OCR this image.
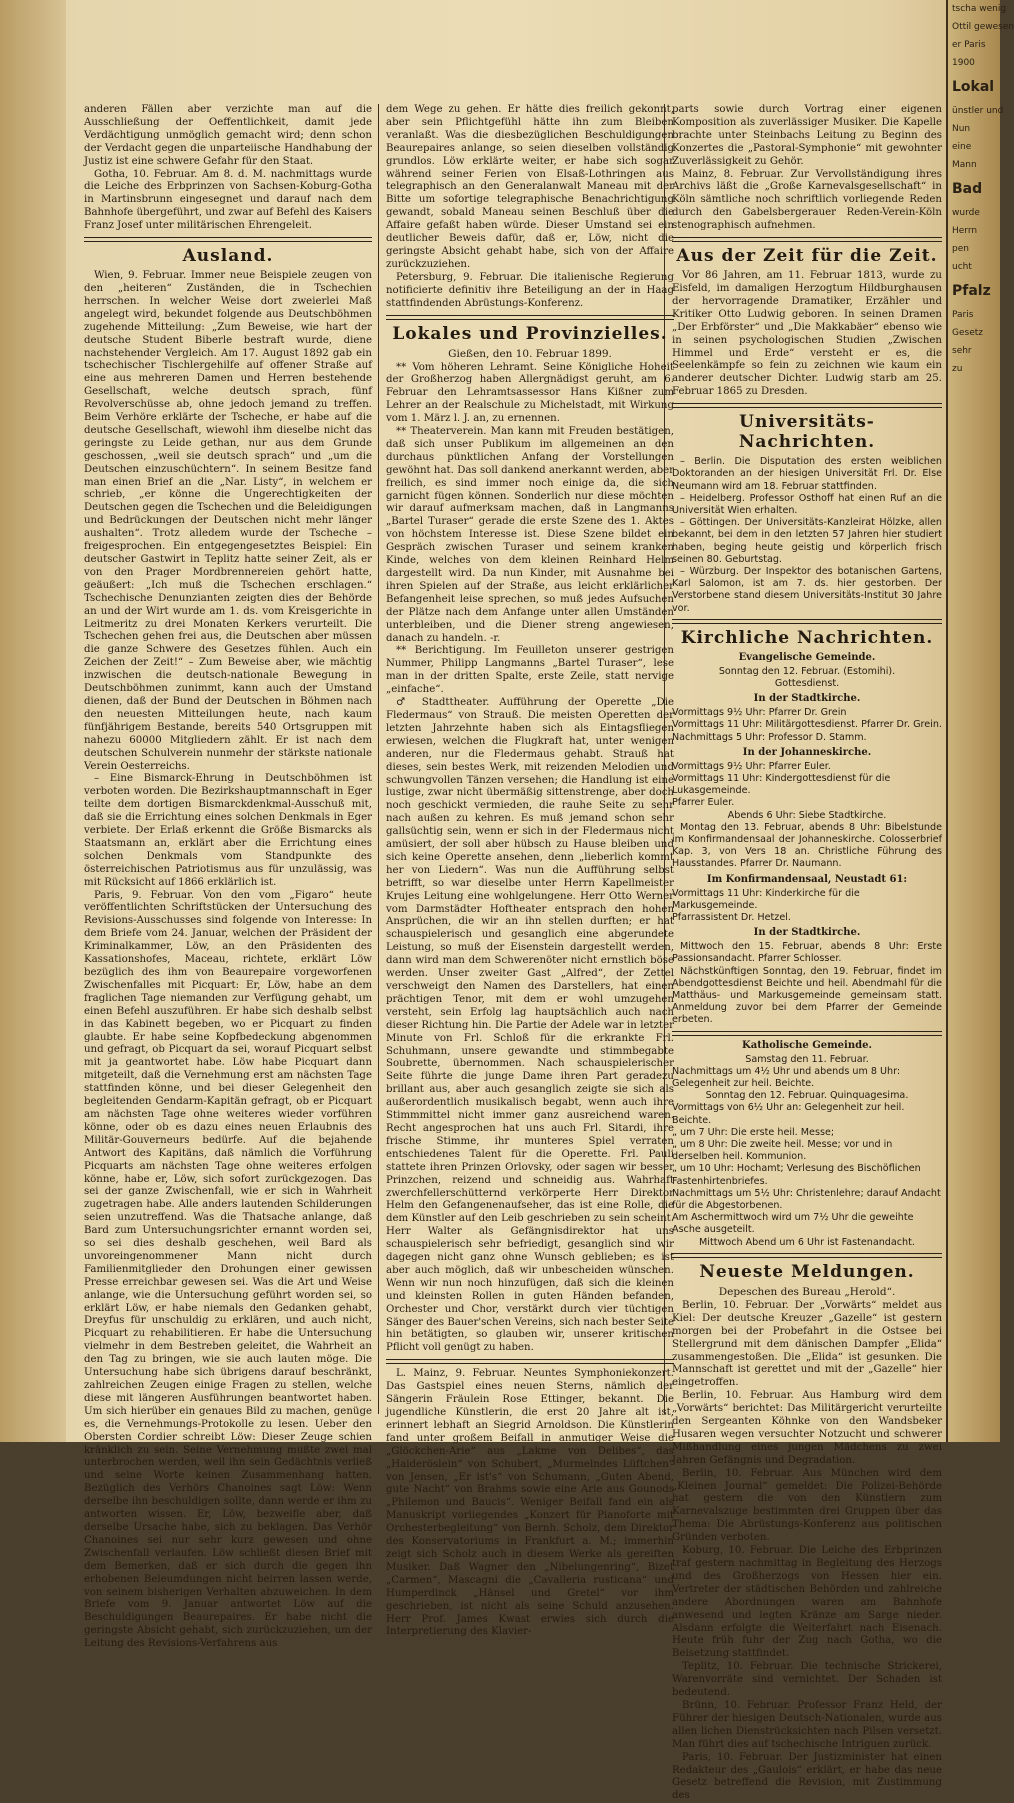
anderen Fällen aber verzichte man auf die Ausschließung der Oeffentlichkeit, damit jede Verdächtigung unmöglich gemacht wird; denn schon der Verdacht gegen die unparteiische Handhabung der Justiz ist eine schwere Gefahr für den Staat.

Gotha, 10. Februar. Am 8. d. M. nachmittags wurde die Leiche des Erbprinzen von Sachsen-Koburg-Gotha in Martinsbrunn eingesegnet und darauf nach dem Bahnhofe übergeführt, und zwar auf Befehl des Kaisers Franz Josef unter militärischen Ehrengeleit.

Ausland.

Wien, 9. Februar. Immer neue Beispiele zeugen von den „heiteren“ Zuständen, die in Tschechien herrschen. In welcher Weise dort zweierlei Maß angelegt wird, bekundet folgende aus Deutschböhmen zugehende Mitteilung: „Zum Beweise, wie hart der deutsche Student Biberle bestraft wurde, diene nachstehender Vergleich. Am 17. August 1892 gab ein tschechischer Tischlergehilfe auf offener Straße auf eine aus mehreren Damen und Herren bestehende Gesellschaft, welche deutsch sprach, fünf Revolverschüsse ab, ohne jedoch jemand zu treffen. Beim Verhöre erklärte der Tscheche, er habe auf die deutsche Gesellschaft, wiewohl ihm dieselbe nicht das geringste zu Leide gethan, nur aus dem Grunde geschossen, „weil sie deutsch sprach“ und „um die Deutschen einzuschüchtern“. In seinem Besitze fand man einen Brief an die „Nar. Listy“, in welchem er schrieb, „er könne die Ungerechtigkeiten der Deutschen gegen die Tschechen und die Beleidigungen und Bedrückungen der Deutschen nicht mehr länger aushalten“. Trotz alledem wurde der Tscheche – freigesprochen. Ein entgegengesetztes Beispiel: Ein deutscher Gastwirt in Teplitz hatte seiner Zeit, als er von den Prager Mordbrennereien gehört hatte, geäußert: „Ich muß die Tschechen erschlagen.“ Tschechische Denunzianten zeigten dies der Behörde an und der Wirt wurde am 1. ds. vom Kreisgerichte in Leitmeritz zu drei Monaten Kerkers verurteilt. Die Tschechen gehen frei aus, die Deutschen aber müssen die ganze Schwere des Gesetzes fühlen. Auch ein Zeichen der Zeit!“ – Zum Beweise aber, wie mächtig inzwischen die deutsch-nationale Bewegung in Deutschböhmen zunimmt, kann auch der Umstand dienen, daß der Bund der Deutschen in Böhmen nach den neuesten Mitteilungen heute, nach kaum fünfjährigem Bestande, bereits 540 Ortsgruppen mit nahezu 60000 Mitgliedern zählt. Er ist nach dem deutschen Schulverein nunmehr der stärkste nationale Verein Oesterreichs.

– Eine Bismarck-Ehrung in Deutschböhmen ist verboten worden. Die Bezirkshauptmannschaft in Eger teilte dem dortigen Bismarckdenkmal-Ausschuß mit, daß sie die Errichtung eines solchen Denkmals in Eger verbiete. Der Erlaß erkennt die Größe Bismarcks als Staatsmann an, erklärt aber die Errichtung eines solchen Denkmals vom Standpunkte des österreichischen Patriotismus aus für unzulässig, was mit Rücksicht auf 1866 erklärlich ist.

Paris, 9. Februar. Von den vom „Figaro“ heute veröffentlichten Schriftstücken der Untersuchung des Revisions-Ausschusses sind folgende von Interesse: In dem Briefe vom 24. Januar, welchen der Präsident der Kriminalkammer, Löw, an den Präsidenten des Kassationshofes, Maceau, richtete, erklärt Löw bezüglich des ihm von Beaurepaire vorgeworfenen Zwischenfalles mit Picquart: Er, Löw, habe an dem fraglichen Tage niemanden zur Verfügung gehabt, um einen Befehl auszuführen. Er habe sich deshalb selbst in das Kabinett begeben, wo er Picquart zu finden glaubte. Er habe seine Kopfbedeckung abgenommen und gefragt, ob Picquart da sei, worauf Picquart selbst mit ja geantwortet habe. Löw habe Picquart dann mitgeteilt, daß die Vernehmung erst am nächsten Tage stattfinden könne, und bei dieser Gelegenheit den begleitenden Gendarm-Kapitän gefragt, ob er Picquart am nächsten Tage ohne weiteres wieder vorführen könne, oder ob es dazu eines neuen Erlaubnis des Militär-Gouverneurs bedürfe. Auf die bejahende Antwort des Kapitäns, daß nämlich die Vorführung Picquarts am nächsten Tage ohne weiteres erfolgen könne, habe er, Löw, sich sofort zurückgezogen. Das sei der ganze Zwischenfall, wie er sich in Wahrheit zugetragen habe. Alle anders lautenden Schilderungen seien unzutreffend. Was die Thatsache anlange, daß Bard zum Untersuchungsrichter ernannt worden sei, so sei dies deshalb geschehen, weil Bard als unvoreingenommener Mann nicht durch Familienmitglieder den Drohungen einer gewissen Presse erreichbar gewesen sei. Was die Art und Weise anlange, wie die Untersuchung geführt worden sei, so erklärt Löw, er habe niemals den Gedanken gehabt, Dreyfus für unschuldig zu erklären, und auch nicht, Picquart zu rehabilitieren. Er habe die Untersuchung vielmehr in dem Bestreben geleitet, die Wahrheit an den Tag zu bringen, wie sie auch lauten möge. Die Untersuchung habe sich übrigens darauf beschränkt, zahlreichen Zeugen einige Fragen zu stellen, welche diese mit längeren Ausführungen beantwortet haben. Um sich hierüber ein genaues Bild zu machen, genüge es, die Vernehmungs-Protokolle zu lesen. Ueber den Obersten Cordier schreibt Löw: Dieser Zeuge schien kränklich zu sein. Seine Vernehmung mußte zwei mal unterbrochen werden, weil ihn sein Gedächtnis verließ und seine Worte keinen Zusammenhang hatten. Bezüglich des Verhörs Chanoines sagt Löw: Wenn derselbe ihn beschuldigen sollte, dann werde er ihm zu antworten wissen. Er, Löw, bezweifle aber, daß derselbe Ursache habe, sich zu beklagen. Das Verhör Chanoines sei nur sehr kurz gewesen und ohne Zwischenfall verlaufen. Löw schließt diesen Brief mit dem Bemerken, daß er sich durch die gegen ihn erhobenen Beleumdungen nicht beirren lassen werde, von seinem bisherigen Verhalten abzuweichen. In dem Briefe vom 9. Januar antwortet Löw auf die Beschuldigungen Beaurepaires. Er habe nicht die geringste Absicht gehabt, sich zurückzuziehen, um der Leitung des Revisions-Verfahrens aus

dem Wege zu gehen. Er hätte dies freilich gekonnt, aber sein Pflichtgefühl hätte ihn zum Bleiben veranlaßt. Was die diesbezüglichen Beschuldigungen Beaurepaires anlange, so seien dieselben vollständig grundlos. Löw erklärte weiter, er habe sich sogar während seiner Ferien von Elsaß-Lothringen aus telegraphisch an den Generalanwalt Maneau mit der Bitte um sofortige telegraphische Benachrichtigung gewandt, sobald Maneau seinen Beschluß über die Affaire gefaßt haben würde. Dieser Umstand sei ein deutlicher Beweis dafür, daß er, Löw, nicht die geringste Absicht gehabt habe, sich von der Affaire zurückzuziehen.

Petersburg, 9. Februar. Die italienische Regierung notificierte definitiv ihre Beteiligung an der in Haag stattfindenden Abrüstungs-Konferenz.

Lokales und Provinzielles.
Gießen, den 10. Februar 1899.

** Vom höheren Lehramt. Seine Königliche Hoheit der Großherzog haben Allergnädigst geruht, am 6. Februar den Lehramtsassessor Hans Kißner zum Lehrer an der Realschule zu Michelstadt, mit Wirkung vom 1. März l. J. an, zu ernennen.

** Theaterverein. Man kann mit Freuden bestätigen, daß sich unser Publikum im allgemeinen an den durchaus pünktlichen Anfang der Vorstellungen gewöhnt hat. Das soll dankend anerkannt werden, aber freilich, es sind immer noch einige da, die sich garnicht fügen können. Sonderlich nur diese möchten wir darauf aufmerksam machen, daß in Langmanns „Bartel Turaser“ gerade die erste Szene des 1. Aktes von höchstem Interesse ist. Diese Szene bildet ein Gespräch zwischen Turaser und seinem kranken Kinde, welches von dem kleinen Reinhard Helm dargestellt wird. Da nun Kinder, mit Ausnahme bei ihren Spielen auf der Straße, aus leicht erklärlicher Befangenheit leise sprechen, so muß jedes Aufsuchen der Plätze nach dem Anfange unter allen Umständen unterbleiben, und die Diener streng angewiesen, danach zu handeln. -r.

** Berichtigung. Im Feuilleton unserer gestrigen Nummer, Philipp Langmanns „Bartel Turaser“, lese man in der dritten Spalte, erste Zeile, statt nervige „einfache“.

♂ Stadttheater. Aufführung der Operette „Die Fledermaus“ von Strauß. Die meisten Operetten der letzten Jahrzehnte haben sich als Eintagsfliegen erwiesen, welchen die Flugkraft hat, unter wenigen anderen, nur die Fledermaus gehabt. Strauß hat dieses, sein bestes Werk, mit reizenden Melodien und schwungvollen Tänzen versehen; die Handlung ist eine lustige, zwar nicht übermäßig sittenstrenge, aber doch noch geschickt vermieden, die rauhe Seite zu sehr nach außen zu kehren. Es muß jemand schon sehr gallsüchtig sein, wenn er sich in der Fledermaus nicht amüsiert, der soll aber hübsch zu Hause bleiben und sich keine Operette ansehen, denn „lieberlich kommt her von Liedern“. Was nun die Aufführung selbst betrifft, so war dieselbe unter Herrn Kapellmeister Krujes Leitung eine wohlgelungene. Herr Otto Werner vom Darmstädter Hoftheater entsprach den hohen Ansprüchen, die wir an ihn stellen durften; er hat schauspielerisch und gesanglich eine abgerundete Leistung, so muß der Eisenstein dargestellt werden, dann wird man dem Schwerenöter nicht ernstlich böse werden. Unser zweiter Gast „Alfred“, der Zettel verschweigt den Namen des Darstellers, hat einen prächtigen Tenor, mit dem er wohl umzugehen versteht, sein Erfolg lag hauptsächlich auch nach dieser Richtung hin. Die Partie der Adele war in letzter Minute von Frl. Schloß für die erkrankte Frl. Schuhmann, unsere gewandte und stimmbegabte Soubrette, übernommen. Nach schauspielerischer Seite führte die junge Dame ihren Part geradezu brillant aus, aber auch gesanglich zeigte sie sich als außerordentlich musikalisch begabt, wenn auch ihre Stimmmittel nicht immer ganz ausreichend waren. Recht angesprochen hat uns auch Frl. Sitardi, ihre frische Stimme, ihr munteres Spiel verraten entschiedenes Talent für die Operette. Frl. Pauli stattete ihren Prinzen Orlovsky, oder sagen wir besser Prinzchen, reizend und schneidig aus. Wahrhaft zwerchfellerschütternd verkörperte Herr Direktor Helm den Gefangenenaufseher, das ist eine Rolle, die dem Künstler auf den Leib geschrieben zu sein scheint. Herr Walter als Gefängnisdirektor hat uns schauspielerisch sehr befriedigt, gesanglich sind wir dagegen nicht ganz ohne Wunsch geblieben; es ist aber auch möglich, daß wir unbescheiden wünschen. Wenn wir nun noch hinzufügen, daß sich die kleinen und kleinsten Rollen in guten Händen befanden, Orchester und Chor, verstärkt durch vier tüchtigen Sänger des Bauer'schen Vereins, sich nach bester Seite hin betätigten, so glauben wir, unserer kritischen Pflicht voll genügt zu haben.

L. Mainz, 9. Februar. Neuntes Symphoniekonzert. Das Gastspiel eines neuen Sterns, nämlich der Sängerin Fräulein Rose Ettinger, bekannt. Die jugendliche Künstlerin, die erst 20 Jahre alt ist, erinnert lebhaft an Siegrid Arnoldson. Die Künstlerin fand unter großem Beifall in anmutiger Weise die „Glöckchen-Arie“ aus „Lakme von Delibes“, das „Haideröslein“ von Schubert, „Murmelndes Lüftchen“ von Jensen, „Er ist's“ von Schumann, „Guten Abend, gute Nacht“ von Brahms sowie eine Arie aus Gounods „Philemon und Baucis“. Weniger Beifall fand ein als Manuskript vorliegendes „Konzert für Pianoforte mit Orchesterbegleitung“ von Bernh. Scholz, dem Direktor des Konservatoriums in Frankfurt a. M.; immerhin zeigt sich Scholz auch in diesem Werke als gereiften Musiker. Daß Wagner den „Nibelungenring“, Bizet „Carmen“, Mascagni die „Cavalleria rusticana“ und Humperdinck „Hänsel und Gretel“ vor ihm geschrieben, ist nicht als seine Schuld anzusehen. Herr Prof. James Kwast erwies sich durch die Interpretierung des Klavier-

parts sowie durch Vortrag einer eigenen Komposition als zuverlässiger Musiker. Die Kapelle brachte unter Steinbachs Leitung zu Beginn des Konzertes die „Pastoral-Symphonie“ mit gewohnter Zuverlässigkeit zu Gehör.

Mainz, 8. Februar. Zur Vervollständigung ihres Archivs läßt die „Große Karnevalsgesellschaft“ in Köln sämtliche noch schriftlich vorliegende Reden durch den Gabelsbergerauer Reden-Verein-Köln stenographisch aufnehmen.

Aus der Zeit für die Zeit.

Vor 86 Jahren, am 11. Februar 1813, wurde zu Eisfeld, im damaligen Herzogtum Hildburghausen der hervorragende Dramatiker, Erzähler und Kritiker Otto Ludwig geboren. In seinen Dramen „Der Erbförster“ und „Die Makkabäer“ ebenso wie in seinen psychologischen Studien „Zwischen Himmel und Erde“ versteht er es, die Seelenkämpfe so fein zu zeichnen wie kaum ein anderer deutscher Dichter. Ludwig starb am 25. Februar 1865 zu Dresden.

Universitäts-Nachrichten.

– Berlin. Die Disputation des ersten weiblichen Doktoranden an der hiesigen Universität Frl. Dr. Else Neumann wird am 18. Februar stattfinden.

– Heidelberg. Professor Osthoff hat einen Ruf an die Universität Wien erhalten.

– Göttingen. Der Universitäts-Kanzleirat Hölzke, allen bekannt, bei dem in den letzten 57 Jahren hier studiert haben, beging heute geistig und körperlich frisch seinen 80. Geburtstag.

– Würzburg. Der Inspektor des botanischen Gartens, Karl Salomon, ist am 7. ds. hier gestorben. Der Verstorbene stand diesem Universitäts-Institut 30 Jahre vor.

Kirchliche Nachrichten.
Evangelische Gemeinde.

Sonntag den 12. Februar. (Estomihi).

Gottesdienst.

In der Stadtkirche.

Vormittags 9½ Uhr: Pfarrer Dr. Grein

Vormittags 11 Uhr: Militärgottesdienst. Pfarrer Dr. Grein.

Nachmittags 5 Uhr: Professor D. Stamm.

In der Johanneskirche.

Vormittags 9½ Uhr: Pfarrer Euler.

Vormittags 11 Uhr: Kindergottesdienst für die Lukasgemeinde.

Pfarrer Euler.

Abends 6 Uhr: Siebe Stadtkirche.

Montag den 13. Februar, abends 8 Uhr: Bibelstunde im Konfirmandensaal der Johanneskirche. Colosserbrief Kap. 3, von Vers 18 an. Christliche Führung des Hausstandes. Pfarrer Dr. Naumann.

Im Konfirmandensaal, Neustadt 61:

Vormittags 11 Uhr: Kinderkirche für die Markusgemeinde.

Pfarrassistent Dr. Hetzel.

In der Stadtkirche.

Mittwoch den 15. Februar, abends 8 Uhr: Erste Passionsandacht. Pfarrer Schlosser.

Nächstkünftigen Sonntag, den 19. Februar, findet im Abendgottesdienst Beichte und heil. Abendmahl für die Matthäus- und Markusgemeinde gemeinsam statt. Anmeldung zuvor bei dem Pfarrer der Gemeinde erbeten.

Katholische Gemeinde.

Samstag den 11. Februar.

Nachmittags um 4½ Uhr und abends um 8 Uhr: Gelegenheit zur heil. Beichte.

Sonntag den 12. Februar. Quinquagesima.

Vormittags von 6½ Uhr an: Gelegenheit zur heil. Beichte.

„ um 7 Uhr: Die erste heil. Messe;

„ um 8 Uhr: Die zweite heil. Messe; vor und in derselben heil. Kommunion.

„ um 10 Uhr: Hochamt; Verlesung des Bischöflichen Fastenhirtenbriefes.

Nachmittags um 5½ Uhr: Christenlehre; darauf Andacht für die Abgestorbenen.

Am Aschermittwoch wird um 7½ Uhr die geweihte Asche ausgeteilt.

Mittwoch Abend um 6 Uhr ist Fastenandacht.

Neueste Meldungen.
Depeschen des Bureau „Herold“.

Berlin, 10. Februar. Der „Vorwärts“ meldet aus Kiel: Der deutsche Kreuzer „Gazelle“ ist gestern morgen bei der Probefahrt in die Ostsee bei Stellergrund mit dem dänischen Dampfer „Elida“ zusammengestoßen. Die „Elida“ ist gesunken. Die Mannschaft ist gerettet und mit der „Gazelle“ hier eingetroffen.

Berlin, 10. Februar. Aus Hamburg wird dem „Vorwärts“ berichtet: Das Militärgericht verurteilte den Sergeanten Köhnke von den Wandsbeker Husaren wegen versuchter Notzucht und schwerer Mißhandlung eines jungen Mädchens zu zwei Jahren Gefängnis und Degradation.

Berlin, 10. Februar. Aus München wird dem „Kleinen Journal“ gemeldet: Die Polizei-Behörde hat gestern die von den Künstlern zum Karnevalszuge bestimmten drei Gruppen über das Thema: Die Abrüstungs-Konferenz aus politischen Gründen verboten.

Koburg, 10. Februar. Die Leiche des Erbprinzen traf gestern nachmittag in Begleitung des Herzogs und des Großherzogs von Hessen hier ein. Vertreter der städtischen Behörden und zahlreiche andere Abordnungen waren am Bahnhofe anwesend und legten Kränze am Sarge nieder. Alsdann erfolgte die Weiterfahrt nach Eisenach. Heute früh fuhr der Zug nach Gotha, wo die Beisetzung stattfindet.

Teplitz, 10. Februar. Die technische Strickerei, Warenvorräte sind vernichtet. Der Schaden ist bedeutend.

Brünn, 10. Februar. Professor Franz Held, der Führer der hiesigen Deutsch-Nationalen, wurde aus allen lichen Dienstrücksichten nach Pilsen versetzt. Man führt dies auf tschechische Intriguen zurück.

Paris, 10. Februar. Der Justizminister hat einen Redakteur des „Gaulois“ erklärt, er habe das neue Gesetz betreffend die Revision, mit Zustimmung des

tscha wenig
Ottil gewesen
er Paris
1900
Lokal
ünstler und
Nun
eine
Mann
Bad
wurde
Herrn
pen
ucht
Pfalz
Paris
Gesetz
sehr
zu
